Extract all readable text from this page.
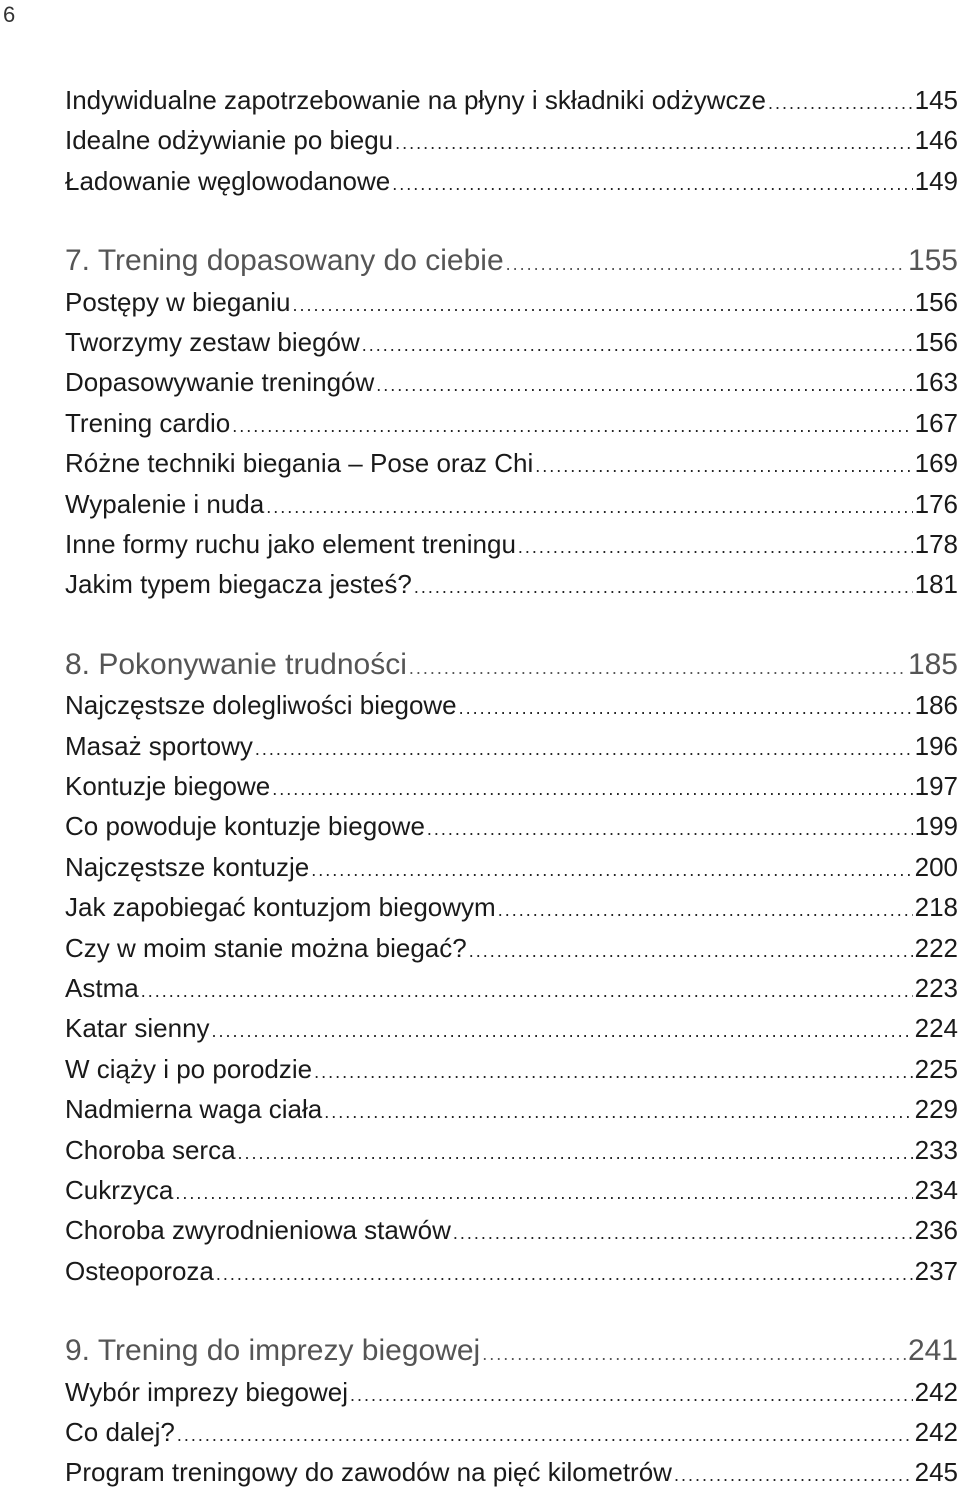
6
Indywidualne zapotrzebowanie na płyny i składniki odżywcze .....	145
Idealne odżywianie po biegu .....	146
Ładowanie węglowodanowe .....	149
7. Trening dopasowany do ciebie .....	155
Postępy w bieganiu .....	156
Tworzymy zestaw biegów .....	156
Dopasowywanie treningów .....	163
Trening cardio .....	167
Różne techniki biegania – Pose oraz Chi .....	169
Wypalenie i nuda .....	176
Inne formy ruchu jako element treningu .....	178
Jakim typem biegacza jesteś? .....	181
8. Pokonywanie trudności .....	185
Najczęstsze dolegliwości biegowe .....	186
Masaż sportowy .....	196
Kontuzje biegowe .....	197
Co powoduje kontuzje biegowe .....	199
Najczęstsze kontuzje .....	200
Jak zapobiegać kontuzjom biegowym .....	218
Czy w moim stanie można biegać? .....	222
Astma .....	223
Katar sienny .....	224
W ciąży i po porodzie .....	225
Nadmierna waga ciała .....	229
Choroba serca .....	233
Cukrzyca .....	234
Choroba zwyrodnieniowa stawów .....	236
Osteoporoza .....	237
9. Trening do imprezy biegowej .....	241
Wybór imprezy biegowej .....	242
Co dalej? .....	242
Program treningowy do zawodów na pięć kilometrów .....	245
